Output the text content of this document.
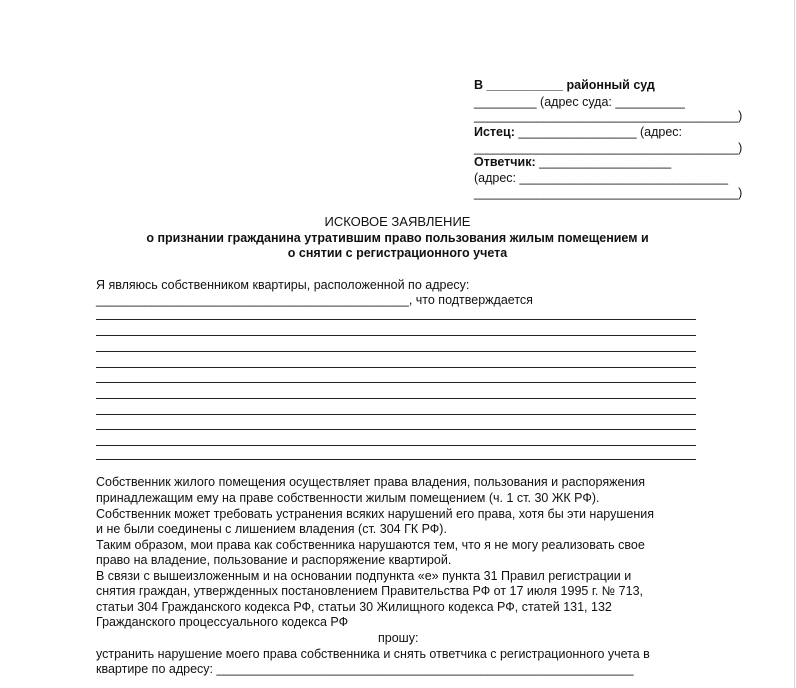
В ___________ районный суд
_________ (адрес суда: __________
______________________________________)
Истец: _________________ (адрес:
______________________________________)
Ответчик: ___________________
(адрес: ______________________________
______________________________________)
ИСКОВОЕ ЗАЯВЛЕНИЕ
о признании гражданина утратившим право пользования жилым помещением и
о снятии с регистрационного учета
Я являюсь собственником квартиры, расположенной по адресу:
_____________________________________________, что подтверждается
Собственник жилого помещения осуществляет права владения, пользования и распоряжения
принадлежащим ему на праве собственности жилым помещением (ч. 1 ст. 30 ЖК РФ).
Собственник может требовать устранения всяких нарушений его права, хотя бы эти нарушения
и не были соединены с лишением владения (ст. 304 ГК РФ).
Таким образом, мои права как собственника нарушаются тем, что я не могу реализовать свое
право на владение, пользование и распоряжение квартирой.
В связи с вышеизложенным и на основании подпункта «е» пункта 31 Правил регистрации и
снятия граждан, утвержденных постановлением Правительства РФ от 17 июля 1995 г. № 713,
статьи 304 Гражданского кодекса РФ, статьи 30 Жилищного кодекса РФ, статей 131, 132
Гражданского процессуального кодекса РФ
прошу:
устранить нарушение моего права собственника и снять ответчика с регистрационного учета в
квартире по адресу: ____________________________________________________________
